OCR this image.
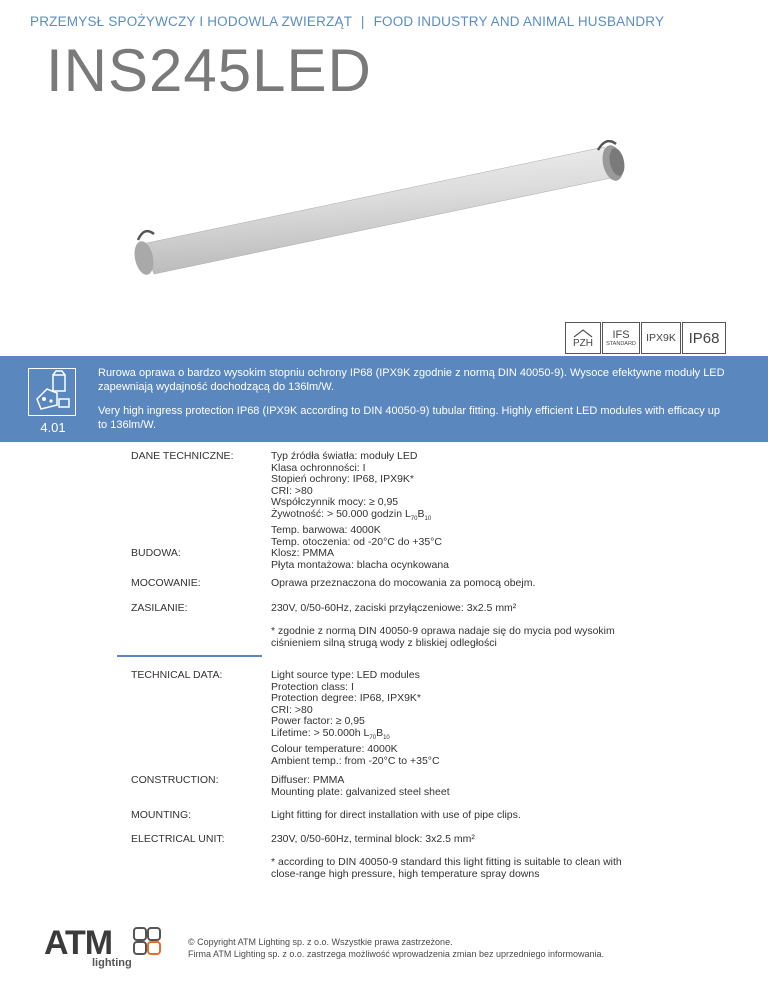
PRZEMYSŁ SPOŻYWCZY I HODOWLA ZWIERZĄT | FOOD INDUSTRY AND ANIMAL HUSBANDRY
INS245LED
PZH
IFS
STANDARD IPX9K IP68
4.01
Rurowa oprawa o bardzo wysokim stopniu ochrony IP68 (IPX9K zgodnie z normą DIN 40050-9). Wysoce efektywne moduły LED
zapewniają wydajność dochodzącą do 136lm/W.
Very high ingress protection IP68 (IPX9K according to DIN 40050-9) tubular fitting. Highly efficient LED modules with efficacy up
to 136lm/W.
DANE TECHNICZNE:	Typ źródła światła: moduły LED
Klasa ochronności: I
Stopień ochrony: IP68, IPX9K*
CRI: >80
Współczynnik mocy: ≥ 0,95
Żywotność: > 50.000 godzin $L_{70}B_{10}$
Temp. barwowa: 4000K
Temp. otoczenia: od -20°C do +35°C
BUDOWA:	Klosz: PMMA
Płyta montażowa: blacha ocynkowana
MOCOWANIE:	Oprawa przeznaczona do mocowania za pomocą obejm.
ZASILANIE:	230V, 0/50-60Hz, zaciski przyłączeniowe: 3x2.5 mm²
* zgodnie z normą DIN 40050-9 oprawa nadaje się do mycia pod wysokim
ciśnieniem silną strugą wody z bliskiej odległości
TECHNICAL DATA:	Light source type: LED modules
Protection class: I
Protection degree: IP68, IPX9K*
CRI: >80
Power factor: ≥ 0,95
Lifetime: > 50.000h $L_{70}B_{10}$
Colour temperature: 4000K
Ambient temp.: from -20°C to +35°C
CONSTRUCTION:	Diffuser: PMMA
Mounting plate: galvanized steel sheet
MOUNTING:	Light fitting for direct installation with use of pipe clips.
ELECTRICAL UNIT:	230V, 0/50-60Hz, terminal block: 3x2.5 mm²
* according to DIN 40050-9 standard this light fitting is suitable to clean with
close-range high pressure, high temperature spray downs
ATM
lighting
© Copyright ATM Lighting sp. z o.o. Wszystkie prawa zastrzeżone.
Firma ATM Lighting sp. z o.o. zastrzega możliwość wprowadzenia zmian bez uprzedniego informowania.
